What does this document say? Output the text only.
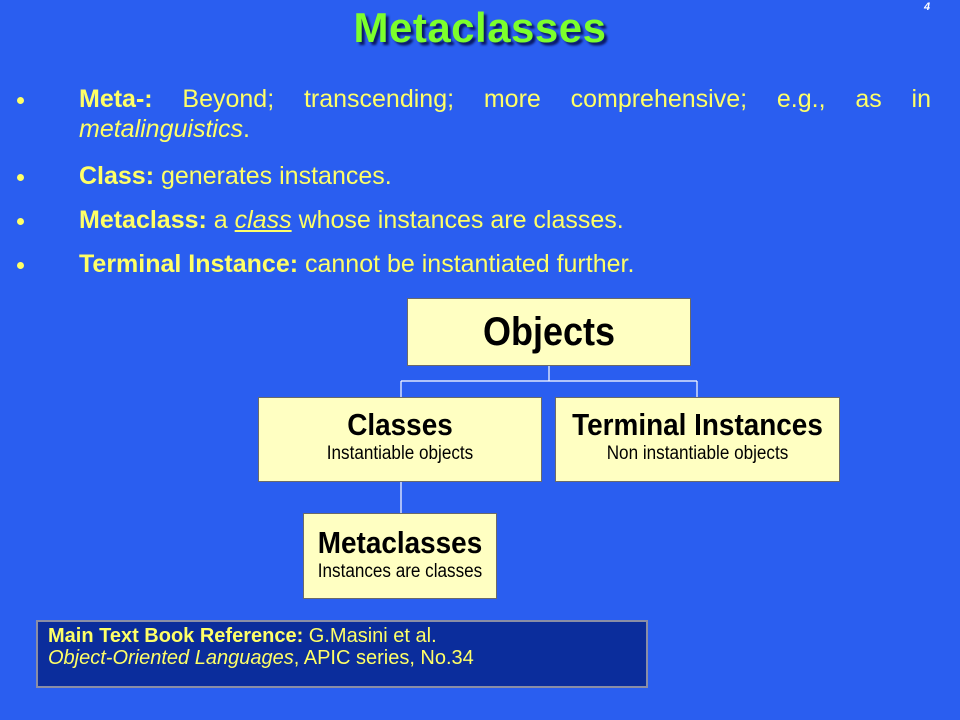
4
Metaclasses
Meta-: Beyond; transcending; more comprehensive; e.g., as in metalinguistics.
Class: generates instances.
Metaclass: a class whose instances are classes.
Terminal Instance: cannot be instantiated further.
Objects
Classes
Instantiable objects
Terminal Instances
Non instantiable objects
Metaclasses
Instances are classes
Main Text Book Reference: G.Masini et al.
Object-Oriented Languages, APIC series, No.34
